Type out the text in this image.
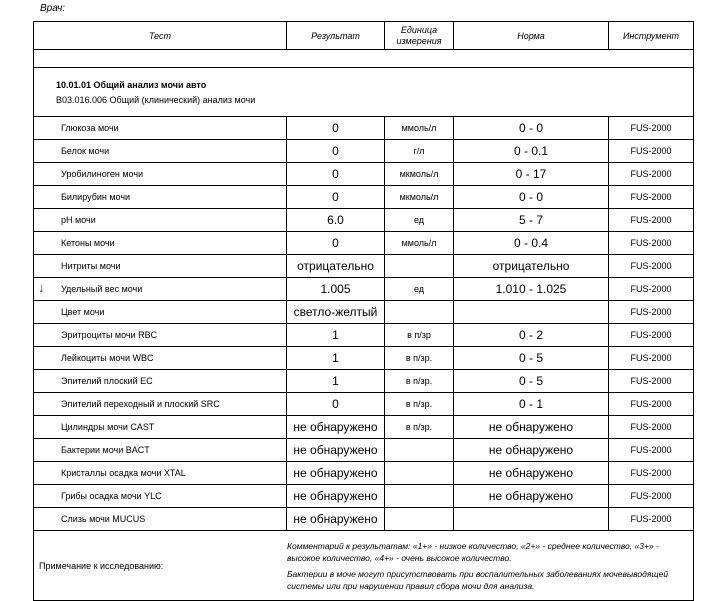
Врач:
Тест	Результат	Единица измерения	Норма	Инструмент

10.01.01 Общий анализ мочи авто
B03.016.006 Общий (клинический) анализ мочи				

Глюкоза мочи	0	ммоль/л	0 - 0	FUS-2000
Белок мочи	0	г/л	0 - 0.1	FUS-2000
Уробилиноген мочи	0	мкмоль/л	0 - 17	FUS-2000
Билирубин мочи	0	мкмоль/л	0 - 0	FUS-2000
pH мочи	6.0	ед	5 - 7	FUS-2000
Кетоны мочи	0	ммоль/л	0 - 0.4	FUS-2000
Нитриты мочи	отрицательно		отрицательно	FUS-2000

↓ Удельный вес мочи	1.005	ед	1.010 - 1.025	FUS-2000
Цвет мочи	светло-желтый			FUS-2000
Эритроциты мочи RBC	1	в п/зр	0 - 2	FUS-2000
Лейкоциты мочи WBC	1	в п/зр.	0 - 5	FUS-2000
Эпителий плоский EC	1	в п/зр.	0 - 5	FUS-2000
Эпителий переходный и плоский SRC	0	в п/зр.	0 - 1	FUS-2000
Цилиндры мочи CAST	не обнаружено	в п/зр.	не обнаружено	FUS-2000
Бактерии мочи BACT	не обнаружено		не обнаружено	FUS-2000
Кристаллы осадка мочи XTAL	не обнаружено		не обнаружено	FUS-2000
Грибы осадка мочи YLC	не обнаружено		не обнаружено	FUS-2000
Слизь мочи MUCUS	не обнаружено			FUS-2000
Примечание к исследованию:	Комментарий к результатам: «1+» - низкое количество, «2+» - среднее количество, «3+» - высокое количество, «4+» - очень высокое количество.

Бактерии в моче могут присутствовать при воспалительных заболеваниях мочевыводящей системы или при нарушении правил сбора мочи для анализа.			
